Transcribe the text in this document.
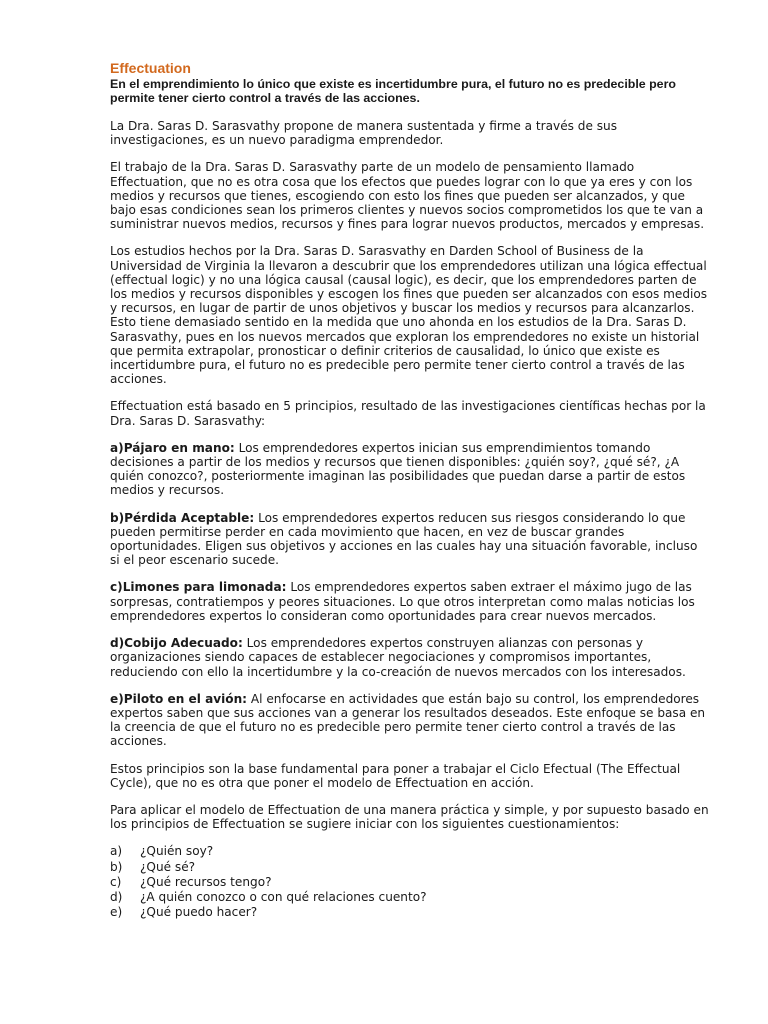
Effectuation
En el emprendimiento lo único que existe es incertidumbre pura, el futuro no es predecible pero permite tener cierto control a través de las acciones.

La Dra. Saras D. Sarasvathy propone de manera sustentada y firme a través de sus investigaciones, es un nuevo paradigma emprendedor.

El trabajo de la Dra. Saras D. Sarasvathy parte de un modelo de pensamiento llamado Effectuation, que no es otra cosa que los efectos que puedes lograr con lo que ya eres y con los medios y recursos que tienes, escogiendo con esto los fines que pueden ser alcanzados, y que bajo esas condiciones sean los primeros clientes y nuevos socios comprometidos los que te van a suministrar nuevos medios, recursos y fines para lograr nuevos productos, mercados y empresas.

Los estudios hechos por la Dra. Saras D. Sarasvathy en Darden School of Business de la Universidad de Virginia la llevaron a descubrir que los emprendedores utilizan una lógica effectual (effectual logic) y no una lógica causal (causal logic), es decir, que los emprendedores parten de los medios y recursos disponibles y escogen los fines que pueden ser alcanzados con esos medios y recursos, en lugar de partir de unos objetivos y buscar los medios y recursos para alcanzarlos. Esto tiene demasiado sentido en la medida que uno ahonda en los estudios de la Dra. Saras D. Sarasvathy, pues en los nuevos mercados que exploran los emprendedores no existe un historial que permita extrapolar, pronosticar o definir criterios de causalidad, lo único que existe es incertidumbre pura, el futuro no es predecible pero permite tener cierto control a través de las acciones.

Effectuation está basado en 5 principios, resultado de las investigaciones científicas hechas por la Dra. Saras D. Sarasvathy:

a)Pájaro en mano: Los emprendedores expertos inician sus emprendimientos tomando decisiones a partir de los medios y recursos que tienen disponibles: ¿quién soy?, ¿qué sé?, ¿A quién conozco?, posteriormente imaginan las posibilidades que puedan darse a partir de estos medios y recursos.

b)Pérdida Aceptable: Los emprendedores expertos reducen sus riesgos considerando lo que pueden permitirse perder en cada movimiento que hacen, en vez de buscar grandes oportunidades. Eligen sus objetivos y acciones en las cuales hay una situación favorable, incluso si el peor escenario sucede.

c)Limones para limonada: Los emprendedores expertos saben extraer el máximo jugo de las sorpresas, contratiempos y peores situaciones. Lo que otros interpretan como malas noticias los emprendedores expertos lo consideran como oportunidades para crear nuevos mercados.

d)Cobijo Adecuado: Los emprendedores expertos construyen alianzas con personas y organizaciones siendo capaces de establecer negociaciones y compromisos importantes, reduciendo con ello la incertidumbre y la co-creación de nuevos mercados con los interesados.

e)Piloto en el avión: Al enfocarse en actividades que están bajo su control, los emprendedores expertos saben que sus acciones van a generar los resultados deseados. Este enfoque se basa en la creencia de que el futuro no es predecible pero permite tener cierto control a través de las acciones.

Estos principios son la base fundamental para poner a trabajar el Ciclo Efectual (The Effectual Cycle), que no es otra que poner el modelo de Effectuation en acción.

Para aplicar el modelo de Effectuation de una manera práctica y simple, y por supuesto basado en los principios de Effectuation se sugiere iniciar con los siguientes cuestionamientos:

a)	¿Quién soy?
b)	¿Qué sé?
c)	¿Qué recursos tengo?
d)	¿A quién conozco o con qué relaciones cuento?
e)	¿Qué puedo hacer?
